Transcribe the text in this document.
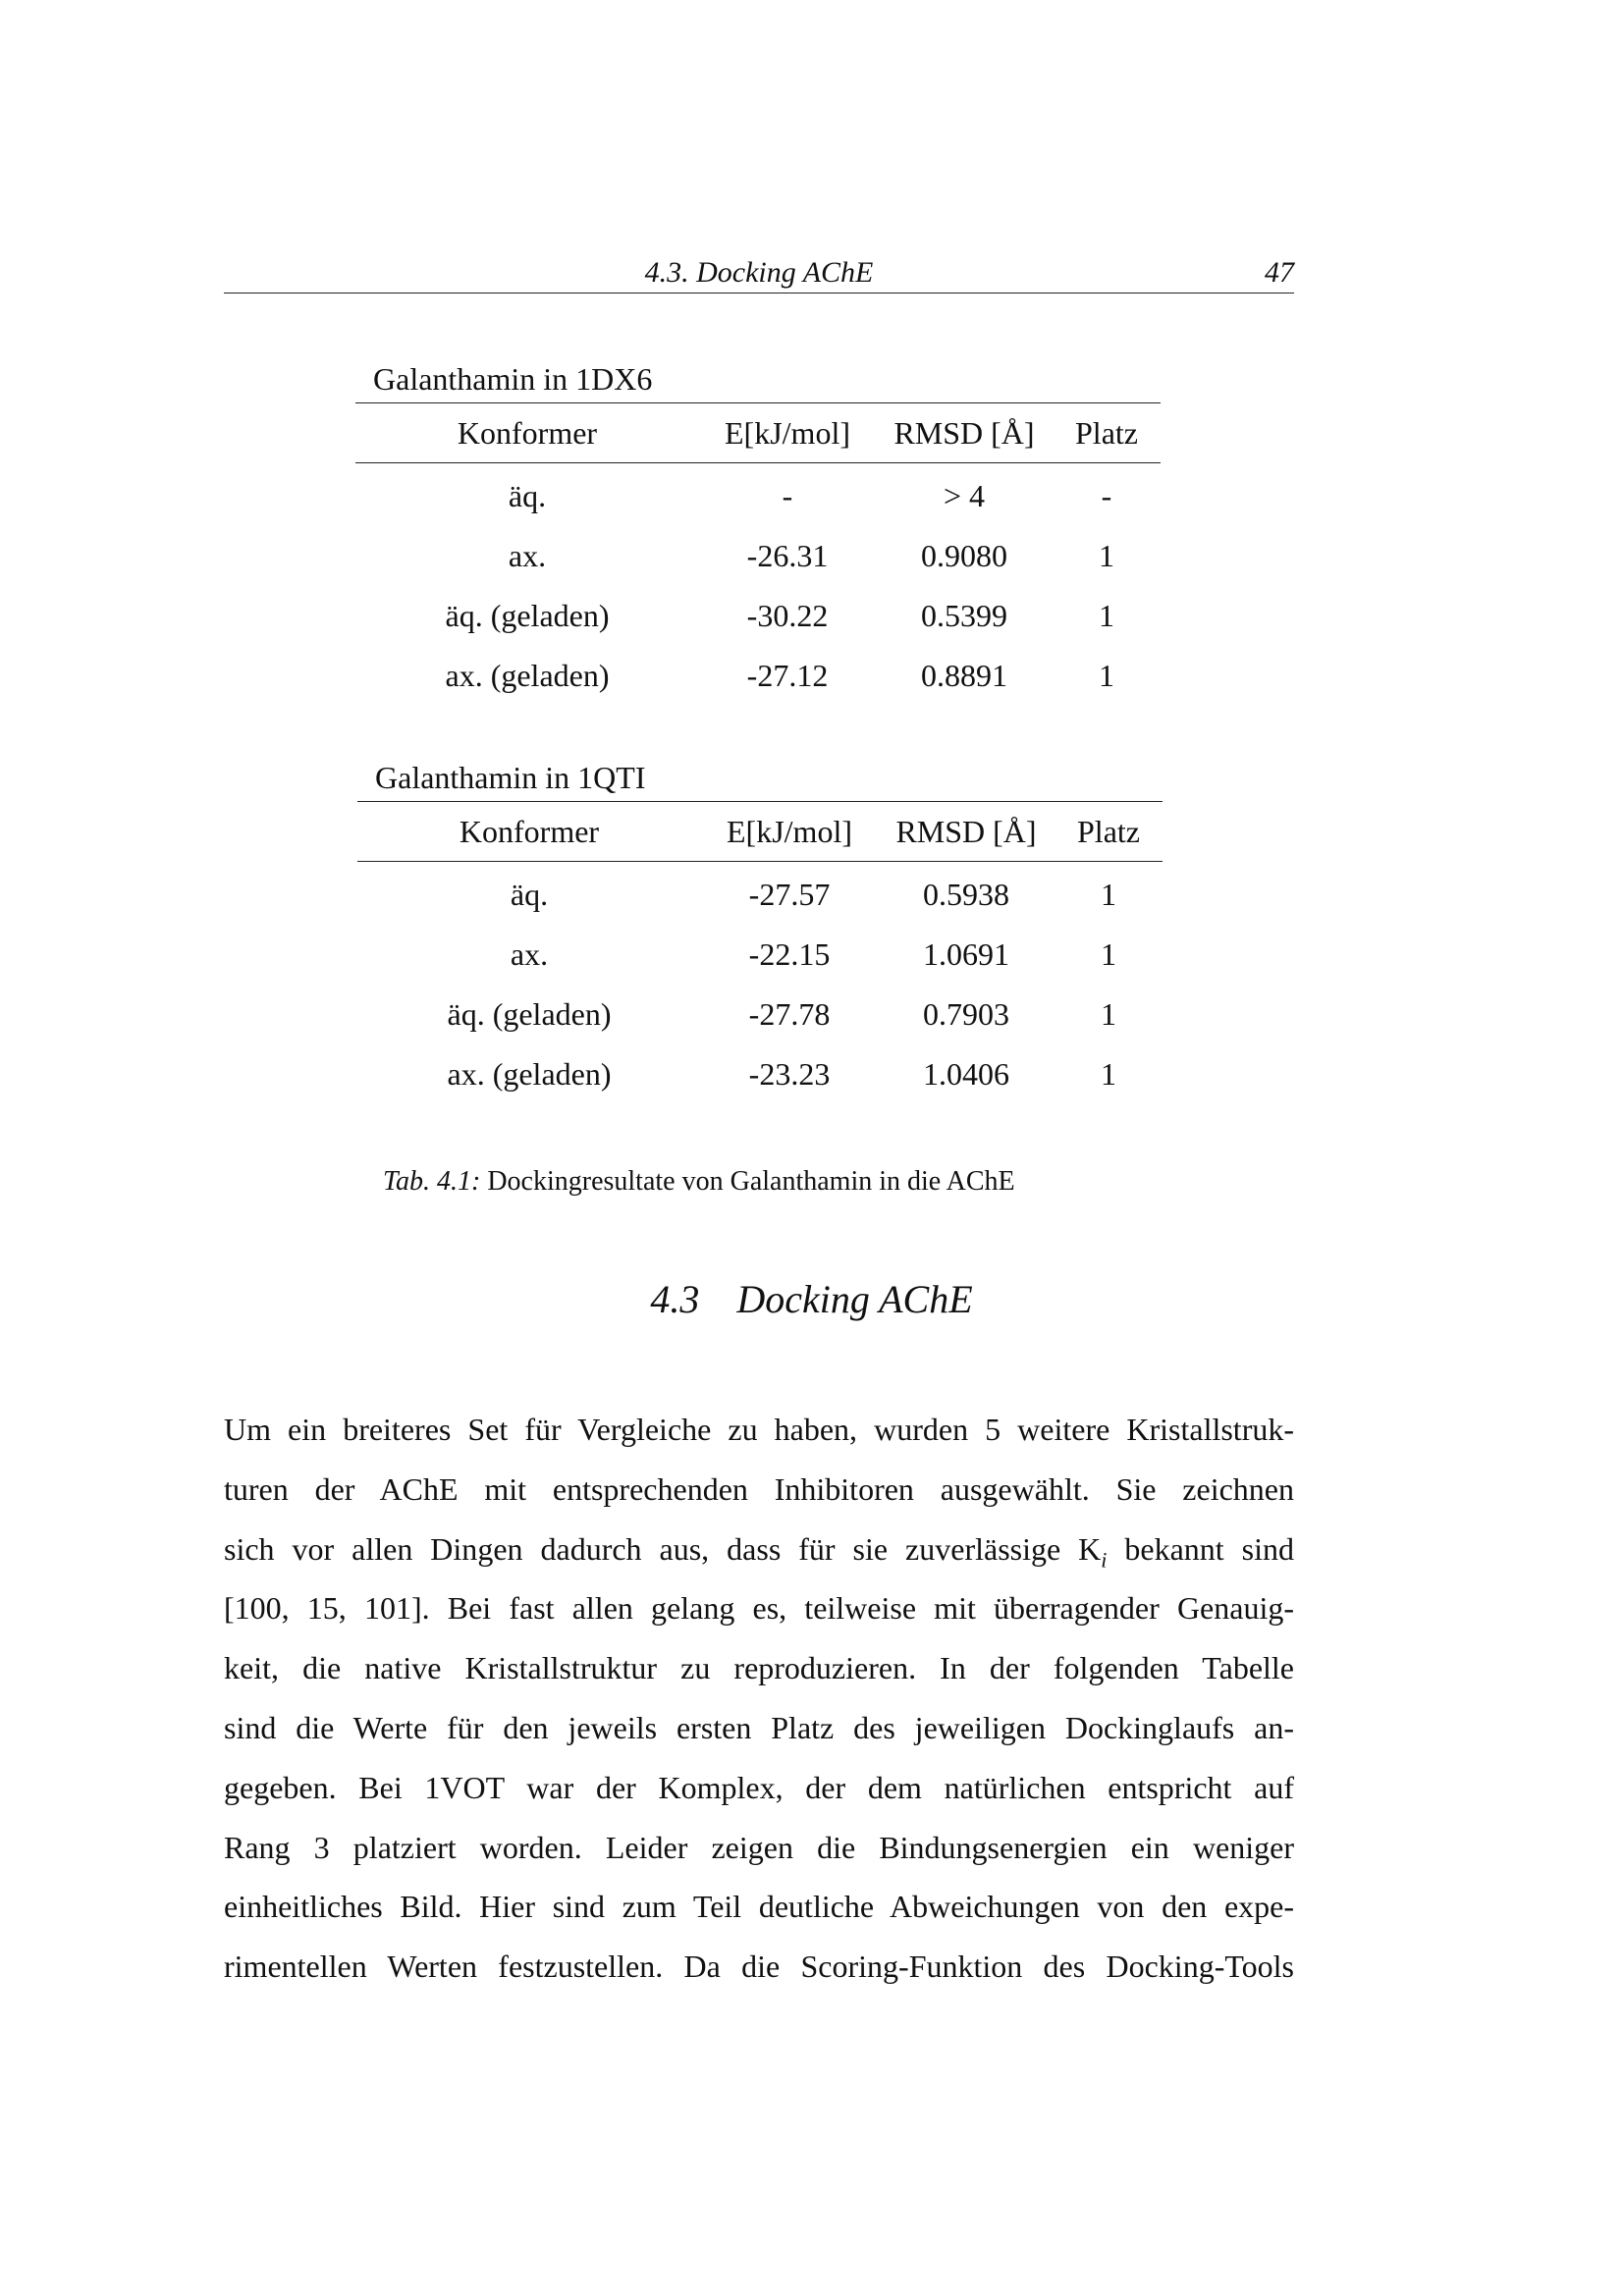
4.3. Docking AChE	47
Galanthamin in 1DX6
Konformer	E[kJ/mol]	RMSD [Å]	Platz
äq.	-	> 4	-
ax.	-26.31	0.9080	1
äq. (geladen)	-30.22	0.5399	1
ax. (geladen)	-27.12	0.8891	1
Galanthamin in 1QTI
Konformer	E[kJ/mol]	RMSD [Å]	Platz
äq.	-27.57	0.5938	1
ax.	-22.15	1.0691	1
äq. (geladen)	-27.78	0.7903	1
ax. (geladen)	-23.23	1.0406	1
Tab. 4.1: Dockingresultate von Galanthamin in die AChE
4.3 Docking AChE
Um ein breiteres Set für Vergleiche zu haben, wurden 5 weitere Kristallstruk-
turen der AChE mit entsprechenden Inhibitoren ausgewählt. Sie zeichnen
sich vor allen Dingen dadurch aus, dass für sie zuverlässige $K_i$ bekannt sind
[100, 15, 101]. Bei fast allen gelang es, teilweise mit überragender Genauig-
keit, die native Kristallstruktur zu reproduzieren. In der folgenden Tabelle
sind die Werte für den jeweils ersten Platz des jeweiligen Dockinglaufs an-
gegeben. Bei 1VOT war der Komplex, der dem natürlichen entspricht auf
Rang 3 platziert worden. Leider zeigen die Bindungsenergien ein weniger
einheitliches Bild. Hier sind zum Teil deutliche Abweichungen von den expe-
rimentellen Werten festzustellen. Da die Scoring-Funktion des Docking-Tools
